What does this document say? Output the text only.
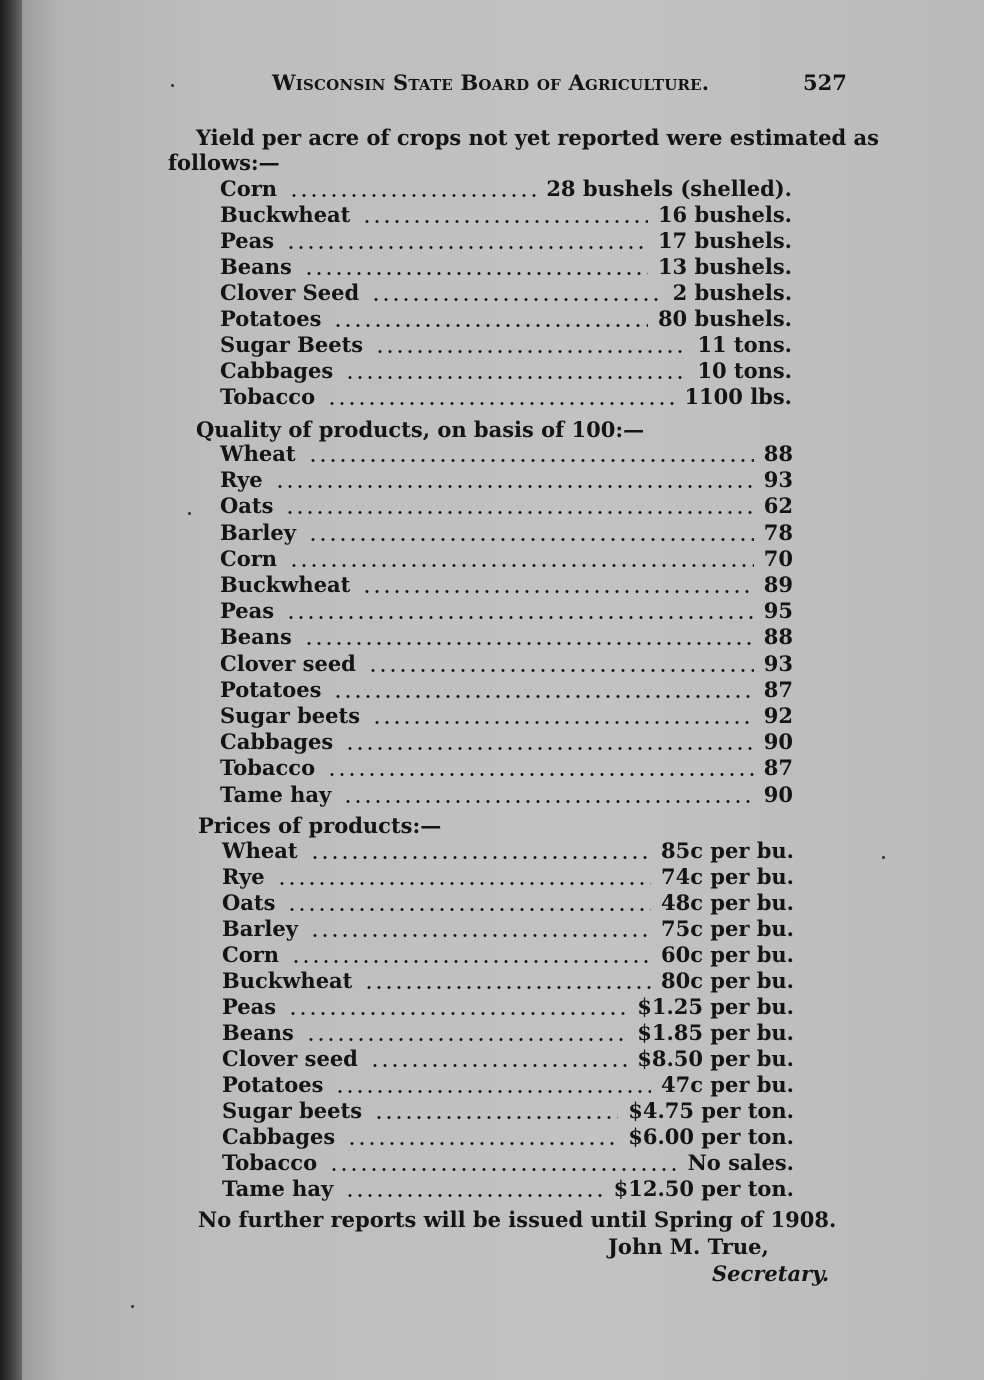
Wisconsin State Board of Agriculture.	527
Yield per acre of crops not yet reported were estimated as
follows:—
Corn	28 bushels (shelled).
Buckwheat	16 bushels.
Peas	17 bushels.
Beans	13 bushels.
Clover Seed	2 bushels.
Potatoes	80 bushels.
Sugar Beets	11 tons.
Cabbages	10 tons.
Tobacco	1100 lbs.
Quality of products, on basis of 100:—
Wheat	88
Rye	93
Oats	62
Barley	78
Corn	70
Buckwheat	89
Peas	95
Beans	88
Clover seed	93
Potatoes	87
Sugar beets	92
Cabbages	90
Tobacco	87
Tame hay	90
Prices of products:—
Wheat	85c per bu.
Rye	74c per bu.
Oats	48c per bu.
Barley	75c per bu.
Corn	60c per bu.
Buckwheat	80c per bu.
Peas	$1.25 per bu.
Beans	$1.85 per bu.
Clover seed	$8.50 per bu.
Potatoes	47c per bu.
Sugar beets	$4.75 per ton.
Cabbages	$6.00 per ton.
Tobacco	No sales.
Tame hay	$12.50 per ton.
No further reports will be issued until Spring of 1908.
John M. True,
Secretary.
